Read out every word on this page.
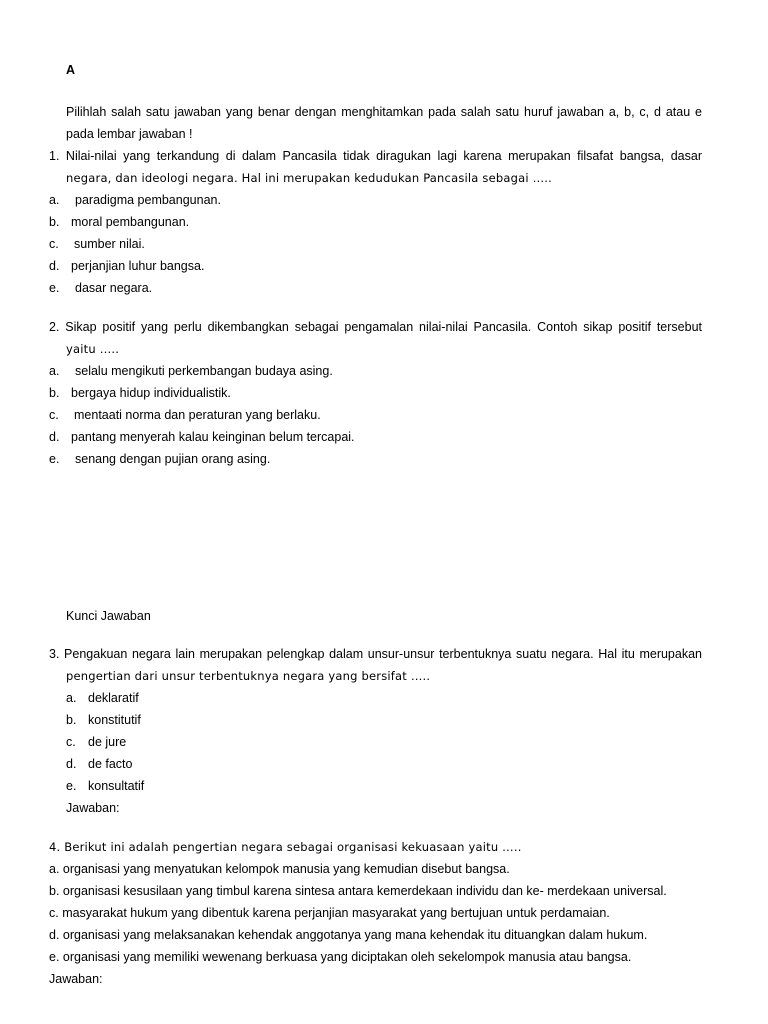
A
Pilihlah salah satu jawaban yang benar dengan menghitamkan pada salah satu huruf jawaban a, b, c, d atau e
pada lembar jawaban !
1. Nilai-nilai yang terkandung di dalam Pancasila tidak diragukan lagi karena merupakan filsafat bangsa, dasar
negara, dan ideologi negara. Hal ini merupakan kedudukan Pancasila sebagai …..
a. paradigma pembangunan.
b. moral pembangunan.
c. sumber nilai.
d. perjanjian luhur bangsa.
e. dasar negara.
2. Sikap positif yang perlu dikembangkan sebagai pengamalan nilai-nilai Pancasila. Contoh sikap positif tersebut
yaitu …..
a. selalu mengikuti perkembangan budaya asing.
b. bergaya hidup individualistik.
c. mentaati norma dan peraturan yang berlaku.
d. pantang menyerah kalau keinginan belum tercapai.
e. senang dengan pujian orang asing.
Kunci Jawaban
3. Pengakuan negara lain merupakan pelengkap dalam unsur-unsur terbentuknya suatu negara. Hal itu merupakan
pengertian dari unsur terbentuknya negara yang bersifat …..
a. deklaratif
b. konstitutif
c. de jure
d. de facto
e. konsultatif
Jawaban:
4. Berikut ini adalah pengertian negara sebagai organisasi kekuasaan yaitu …..
a. organisasi yang menyatukan kelompok manusia yang kemudian disebut bangsa.
b. organisasi kesusilaan yang timbul karena sintesa antara kemerdekaan individu dan ke- merdekaan universal.
c. masyarakat hukum yang dibentuk karena perjanjian masyarakat yang bertujuan untuk perdamaian.
d. organisasi yang melaksanakan kehendak anggotanya yang mana kehendak itu dituangkan dalam hukum.
e. organisasi yang memiliki wewenang berkuasa yang diciptakan oleh sekelompok manusia atau bangsa.
Jawaban:
